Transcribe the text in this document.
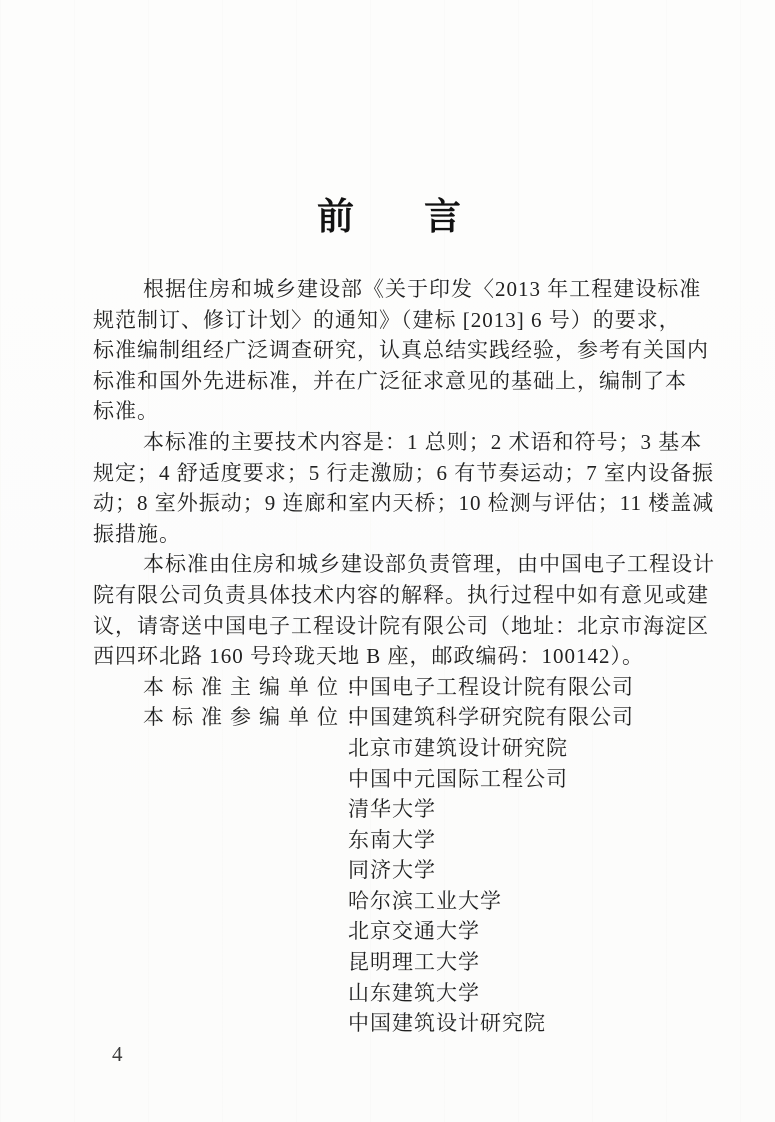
前言
根据住房和城乡建设部《关于印发〈2013 年工程建设标准
规范制订、修订计划〉的通知》（建标 [2013] 6 号）的要求，
标准编制组经广泛调查研究，认真总结实践经验，参考有关国内
标准和国外先进标准，并在广泛征求意见的基础上，编制了本
标准。
本标准的主要技术内容是：1 总则；2 术语和符号；3 基本
规定；4 舒适度要求；5 行走激励；6 有节奏运动；7 室内设备振
动；8 室外振动；9 连廊和室内天桥；10 检测与评估；11 楼盖减
振措施。
本标准由住房和城乡建设部负责管理，由中国电子工程设计
院有限公司负责具体技术内容的解释。执行过程中如有意见或建
议，请寄送中国电子工程设计院有限公司（地址：北京市海淀区
西四环北路 160 号玲珑天地 B 座，邮政编码：100142）。
本标准主编单位：
中国电子工程设计院有限公司
本标准参编单位：
中国建筑科学研究院有限公司
北京市建筑设计研究院
中国中元国际工程公司
清华大学
东南大学
同济大学
哈尔滨工业大学
北京交通大学
昆明理工大学
山东建筑大学
中国建筑设计研究院
4
